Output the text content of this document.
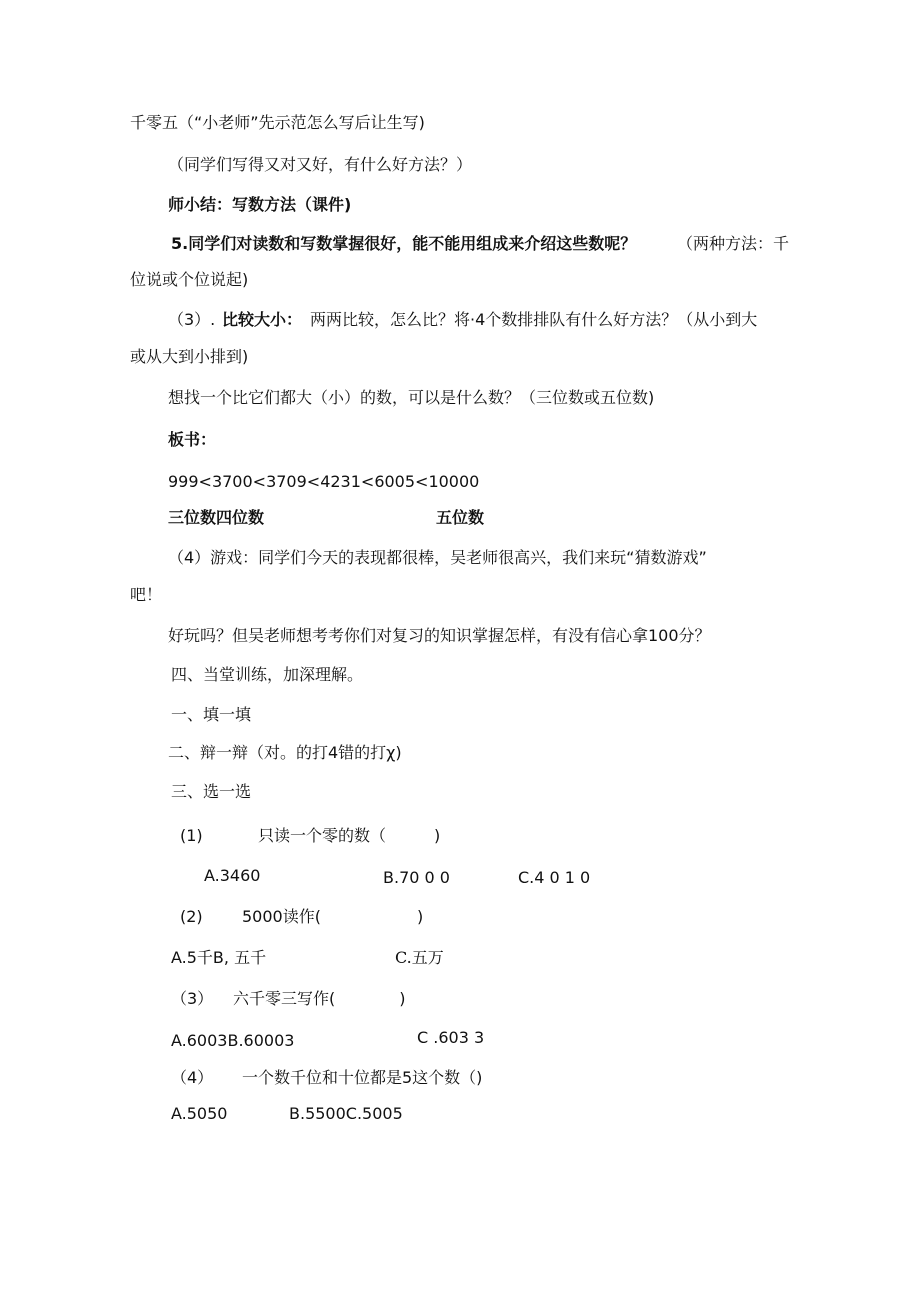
千零五（“小老师”先示范怎么写后让生写)
（同学们写得又对又好，有什么好方法？）
师小结：写数方法（课件)
5.同学们对读数和写数掌握很好，能不能用组成来介绍这些数呢？	（两种方法：千
位说或个位说起)
（3）. 比较大小： 两两比较，怎么比？将·4个数排排队有什么好方法？（从小到大
或从大到小排到)
想找一个比它们都大（小）的数，可以是什么数？（三位数或五位数)
板书：
999<3700<3709<4231<6005<10000
三位数四位数	五位数
（4）游戏：同学们今天的表现都很棒，吴老师很高兴，我们来玩“猜数游戏”
吧！
好玩吗？但吴老师想考考你们对复习的知识掌握怎样，有没有信心拿100分？
四、当堂训练，加深理解。
一、填一填
二、辩一辩（对。的打4错的打χ)
三、选一选
(1)	只读一个零的数（　　　)
A.3460	B.70 0 0	C.4 0 1 0
(2) 5000读作(　　　　　　)
A.5千B, 五千	C.五万
（3） 六千零三写作(　　　　)
A.6003B.60003	C .603 3
（4） 一个数千位和十位都是5这个数（)
A.5050	B.5500C.5005
